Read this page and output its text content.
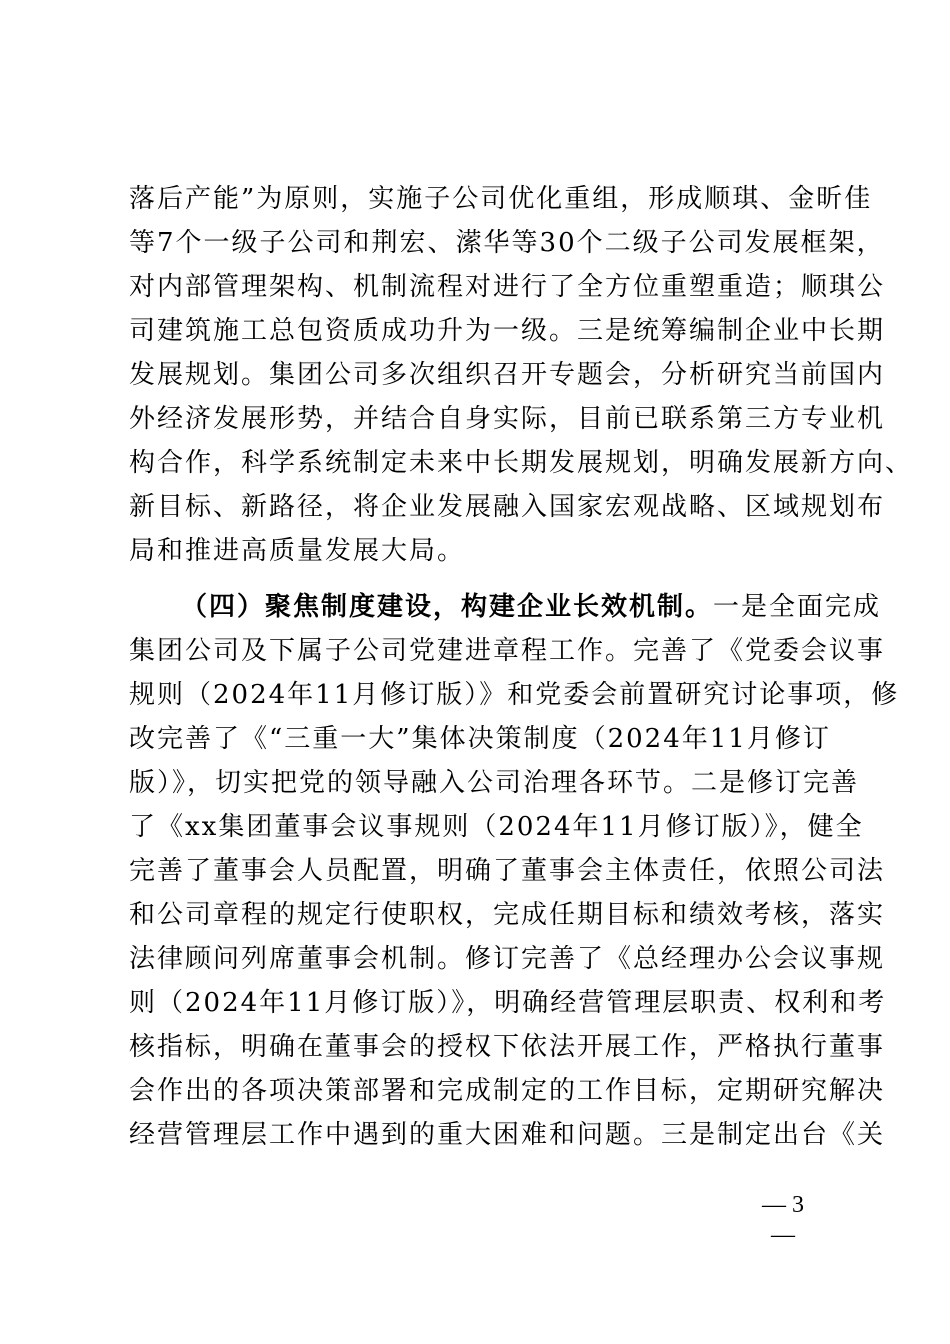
落后产能”为原则，实施子公司优化重组，形成顺琪、金昕佳
等7个一级子公司和荆宏、潆华等30个二级子公司发展框架，
对内部管理架构、机制流程对进行了全方位重塑重造；顺琪公
司建筑施工总包资质成功升为一级。三是统筹编制企业中长期
发展规划。集团公司多次组织召开专题会，分析研究当前国内
外经济发展形势，并结合自身实际，目前已联系第三方专业机
构合作，科学系统制定未来中长期发展规划，明确发展新方向、
新目标、新路径，将企业发展融入国家宏观战略、区域规划布
局和推进高质量发展大局。
（四）聚焦制度建设，构建企业长效机制。一是全面完成
集团公司及下属子公司党建进章程工作。完善了《党委会议事
规则（2024年11月修订版）》和党委会前置研究讨论事项，修
改完善了《“三重一大”集体决策制度（2024年11月修订
版）》，切实把党的领导融入公司治理各环节。二是修订完善
了《xx集团董事会议事规则（2024年11月修订版）》，健全
完善了董事会人员配置，明确了董事会主体责任，依照公司法
和公司章程的规定行使职权，完成任期目标和绩效考核，落实
法律顾问列席董事会机制。修订完善了《总经理办公会议事规
则（2024年11月修订版）》，明确经营管理层职责、权利和考
核指标，明确在董事会的授权下依法开展工作，严格执行董事
会作出的各项决策部署和完成制定的工作目标，定期研究解决
经营管理层工作中遇到的重大困难和问题。三是制定出台《关
— 3 —
